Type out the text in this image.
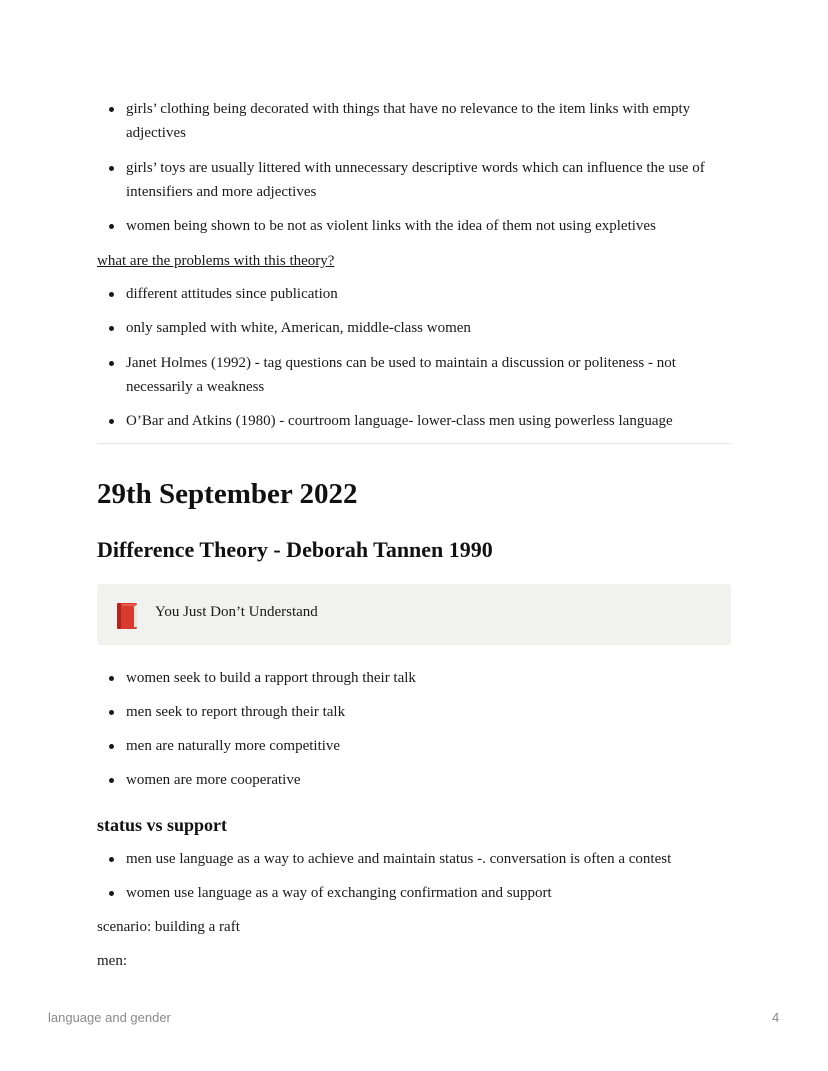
girls’ clothing being decorated with things that have no relevance to the item links with empty adjectives
girls’ toys are usually littered with unnecessary descriptive words which can influence the use of intensifiers and more adjectives
women being shown to be not as violent links with the idea of them not using expletives
what are the problems with this theory?
different attitudes since publication
only sampled with white, American, middle-class women
Janet Holmes (1992) - tag questions can be used to maintain a discussion or politeness - not necessarily a weakness
O’Bar and Atkins (1980) - courtroom language- lower-class men using powerless language
29th September 2022
Difference Theory - Deborah Tannen 1990
You Just Don’t Understand
women seek to build a rapport through their talk
men seek to report through their talk
men are naturally more competitive
women are more cooperative
status vs support
men use language as a way to achieve and maintain status -. conversation is often a contest
women use language as a way of exchanging confirmation and support
scenario: building a raft
men:
language and gender	4
